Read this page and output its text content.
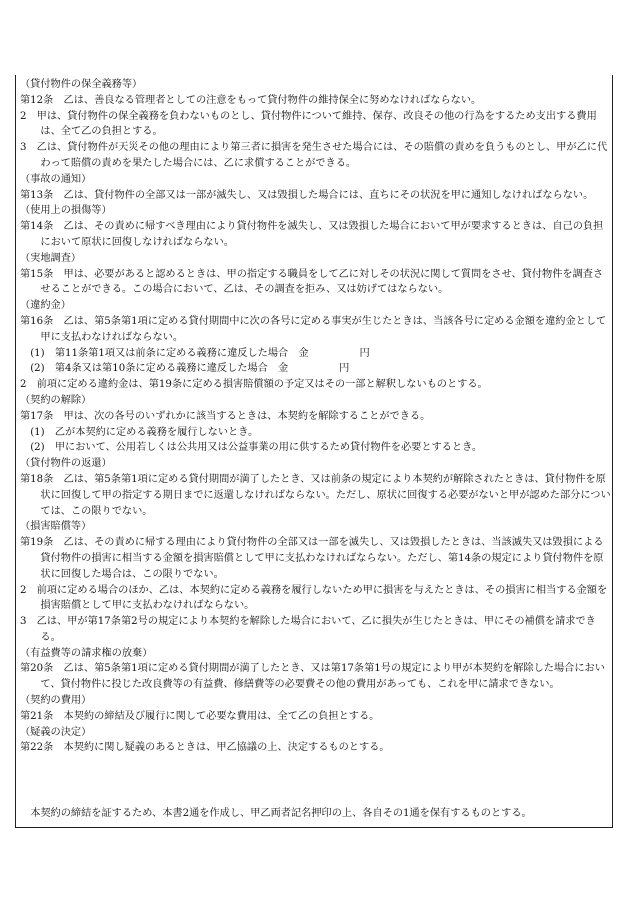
（貸付物件の保全義務等）
第12条　乙は、善良なる管理者としての注意をもって貸付物件の維持保全に努めなければならない。
2　甲は、貸付物件の保全義務を負わないものとし、貸付物件について維持、保存、改良その他の行為をするため支出する費用は、全て乙の負担とする。
3　乙は、貸付物件が天災その他の理由により第三者に損害を発生させた場合には、その賠償の責めを負うものとし、甲が乙に代わって賠償の責めを果たした場合には、乙に求償することができる。
（事故の通知）
第13条　乙は、貸付物件の全部又は一部が滅失し、又は毀損した場合には、直ちにその状況を甲に通知しなければならない。
（使用上の損傷等）
第14条　乙は、その責めに帰すべき理由により貸付物件を滅失し、又は毀損した場合において甲が要求するときは、自己の負担において原状に回復しなければならない。
（実地調査）
第15条　甲は、必要があると認めるときは、甲の指定する職員をして乙に対しその状況に関して質問をさせ、貸付物件を調査させることができる。この場合において、乙は、その調査を拒み、又は妨げてはならない。
（違約金）
第16条　乙は、第5条第1項に定める貸付期間中に次の各号に定める事実が生じたときは、当該各号に定める金額を違約金として甲に支払わなければならない。
(1)　第11条第1項又は前条に定める義務に違反した場合　金　　　　　円
(2)　第4条又は第10条に定める義務に違反した場合　金　　　　　円
2　前項に定める違約金は、第19条に定める損害賠償額の予定又はその一部と解釈しないものとする。
（契約の解除）
第17条　甲は、次の各号のいずれかに該当するときは、本契約を解除することができる。
(1)　乙が本契約に定める義務を履行しないとき。
(2)　甲において、公用若しくは公共用又は公益事業の用に供するため貸付物件を必要とするとき。
（貸付物件の返還）
第18条　乙は、第5条第1項に定める貸付期間が満了したとき、又は前条の規定により本契約が解除されたときは、貸付物件を原状に回復して甲の指定する期日までに返還しなければならない。ただし、原状に回復する必要がないと甲が認めた部分については、この限りでない。
（損害賠償等）
第19条　乙は、その責めに帰する理由により貸付物件の全部又は一部を滅失し、又は毀損したときは、当該滅失又は毀損による貸付物件の損害に相当する金額を損害賠償として甲に支払わなければならない。ただし、第14条の規定により貸付物件を原状に回復した場合は、この限りでない。
2　前項に定める場合のほか、乙は、本契約に定める義務を履行しないため甲に損害を与えたときは、その損害に相当する金額を損害賠償として甲に支払わなければならない。
3　乙は、甲が第17条第2号の規定により本契約を解除した場合において、乙に損失が生じたときは、甲にその補償を請求できる。
（有益費等の請求権の放棄）
第20条　乙は、第5条第1項に定める貸付期間が満了したとき、又は第17条第1号の規定により甲が本契約を解除した場合において、貸付物件に投じた改良費等の有益費、修繕費等の必要費その他の費用があっても、これを甲に請求できない。
（契約の費用）
第21条　本契約の締結及び履行に関して必要な費用は、全て乙の負担とする。
（疑義の決定）
第22条　本契約に関し疑義のあるときは、甲乙協議の上、決定するものとする。
本契約の締結を証するため、本書2通を作成し、甲乙両者記名押印の上、各自その1通を保有するものとする。
